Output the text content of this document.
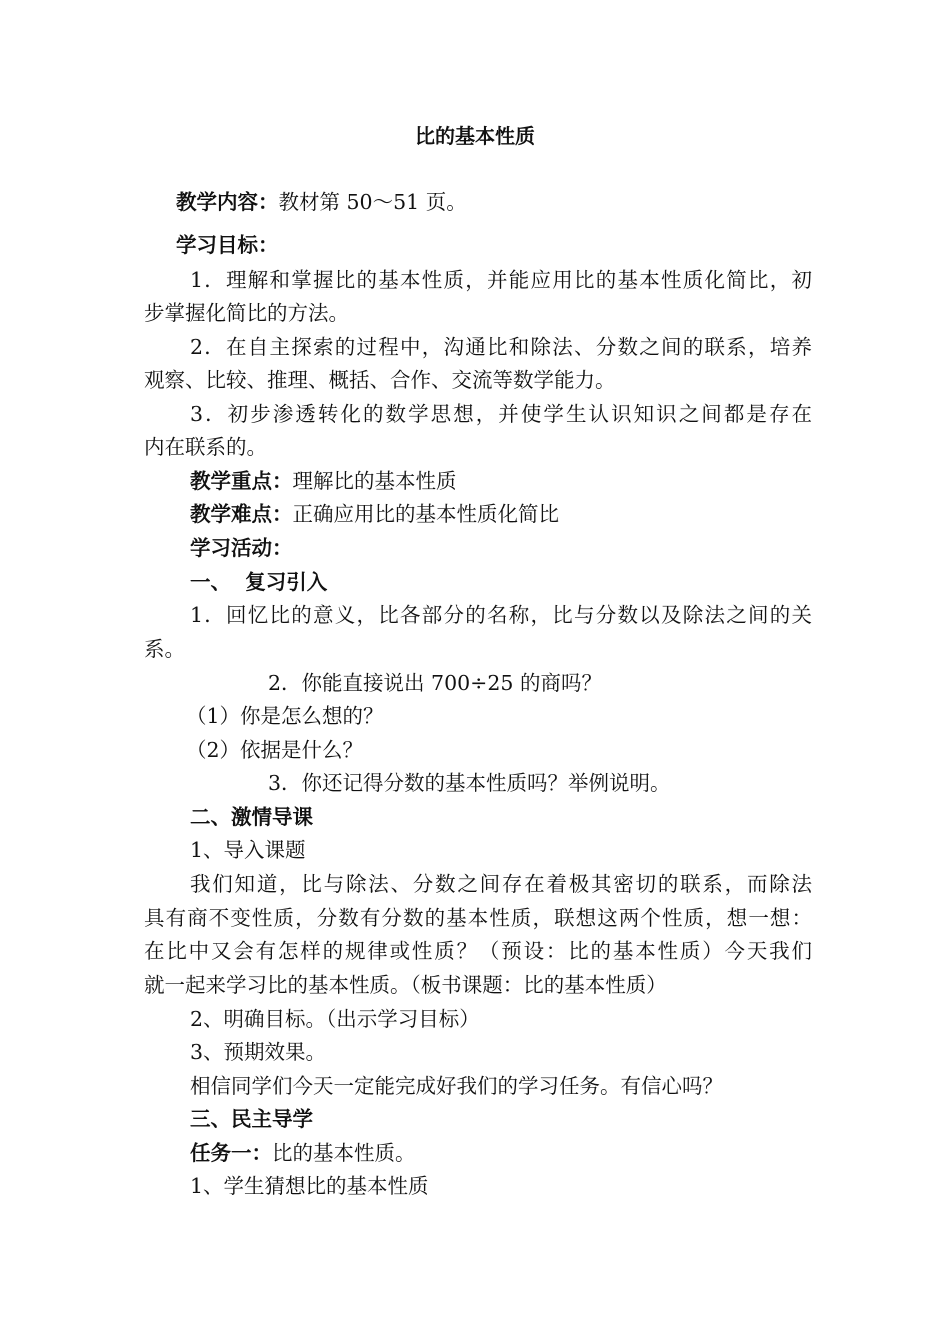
比的基本性质
教学内容：教材第 50～51 页。
学习目标：
1．理解和掌握比的基本性质，并能应用比的基本性质化简比，初
步掌握化简比的方法。
2．在自主探索的过程中，沟通比和除法、分数之间的联系，培养
观察、比较、推理、概括、合作、交流等数学能力。
3．初步渗透转化的数学思想，并使学生认识知识之间都是存在
内在联系的。
教学重点：理解比的基本性质
教学难点：正确应用比的基本性质化简比
学习活动：
一、  复习引入
1．回忆比的意义，比各部分的名称，比与分数以及除法之间的关
系。
2．你能直接说出 700÷25 的商吗？
（1）你是怎么想的？
（2）依据是什么？
3．你还记得分数的基本性质吗？举例说明。
二、激情导课
1、导入课题
我们知道，比与除法、分数之间存在着极其密切的联系，而除法
具有商不变性质，分数有分数的基本性质，联想这两个性质，想一想：
在比中又会有怎样的规律或性质？（预设：比的基本性质）今天我们
就一起来学习比的基本性质。（板书课题：比的基本性质）
2、明确目标。（出示学习目标）
3、预期效果。
相信同学们今天一定能完成好我们的学习任务。有信心吗？
三、民主导学
任务一：比的基本性质。
1、学生猜想比的基本性质
